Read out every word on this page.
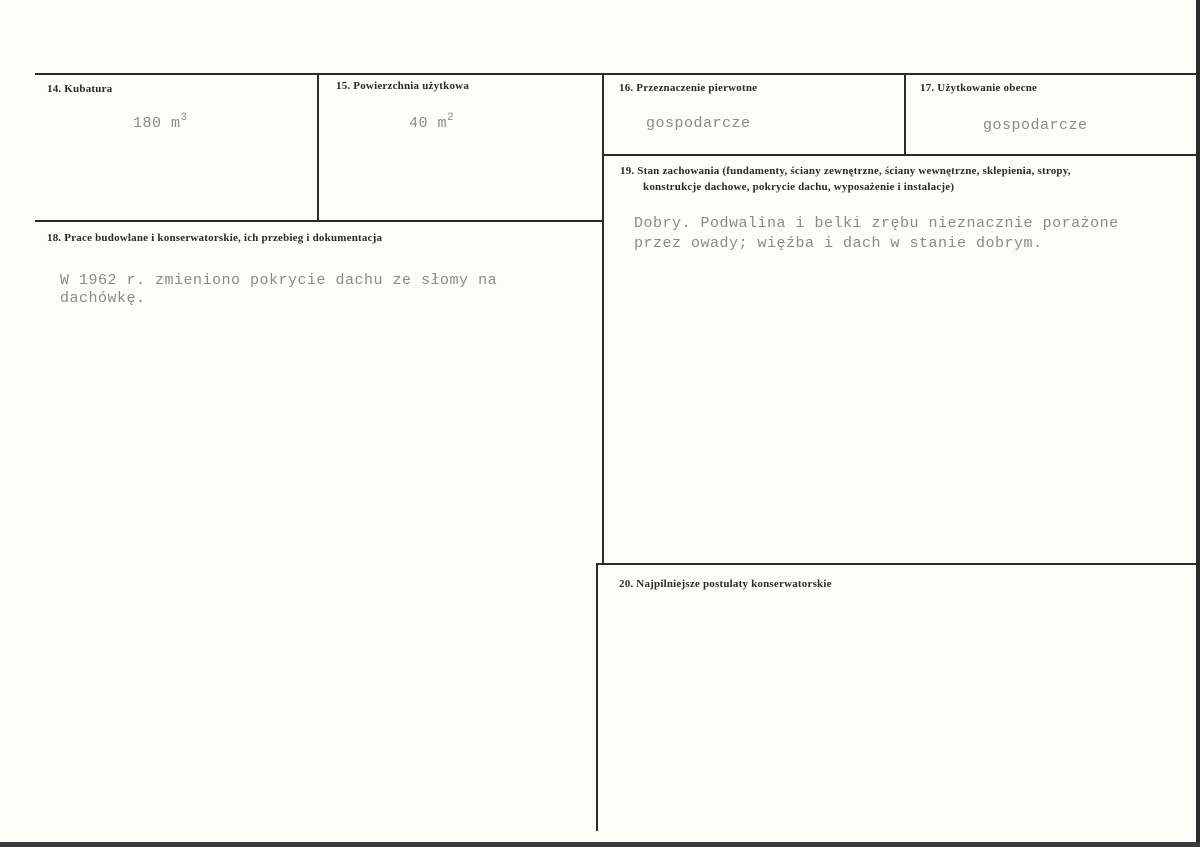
14. Kubatura
180 $m^3$
15. Powierzchnia użytkowa
40 $m^2$
16. Przeznaczenie pierwotne
gospodarcze
17. Użytkowanie obecne
gospodarcze
18. Prace budowlane i konserwatorskie, ich przebieg i dokumentacja
W 1962 r. zmieniono pokrycie dachu ze słomy na
dachówkę.
19. Stan zachowania (fundamenty, ściany zewnętrzne, ściany wewnętrzne, sklepienia, stropy,
konstrukcje dachowe, pokrycie dachu, wyposażenie i instalacje)
Dobry. Podwalina i belki zrębu nieznacznie porażone
przez owady; więźba i dach w stanie dobrym.
20. Najpilniejsze postulaty konserwatorskie
